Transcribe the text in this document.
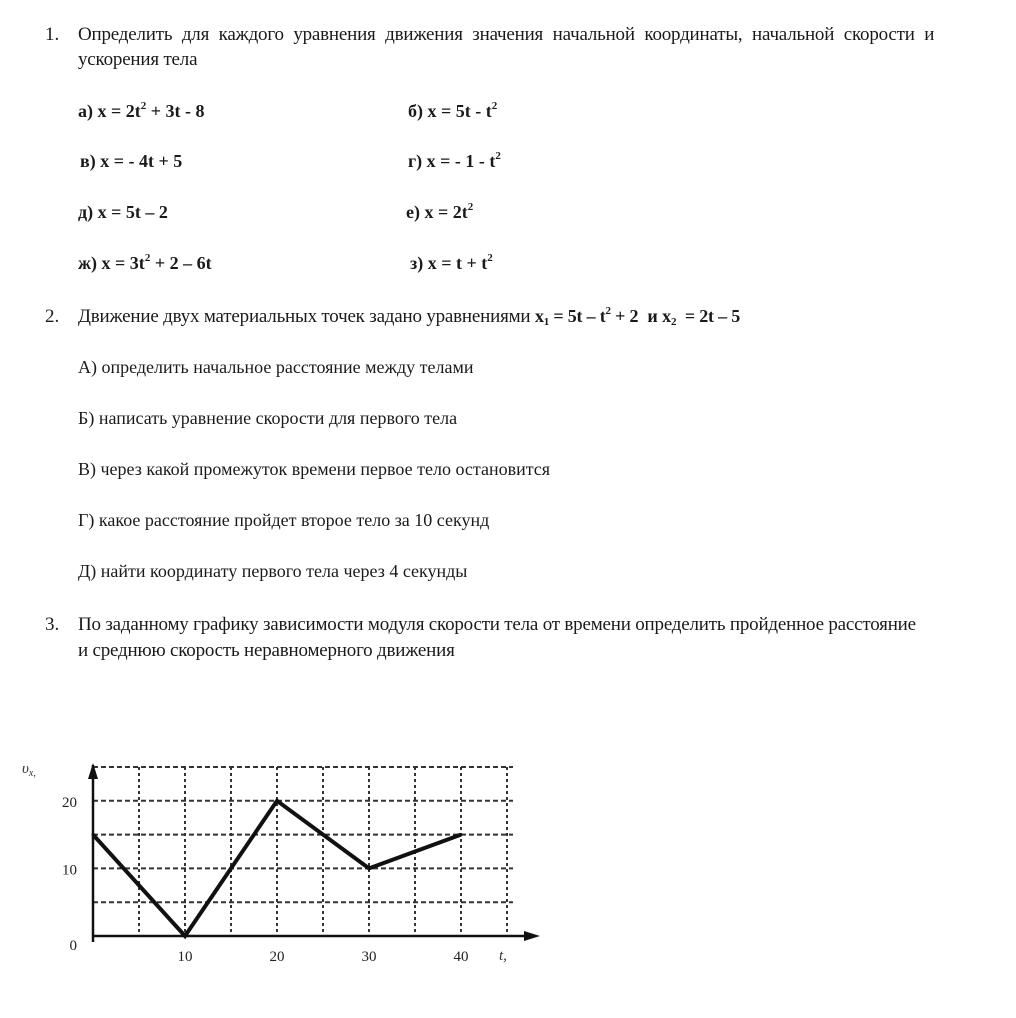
1. Определить для каждого уравнения движения значения начальной координаты, начальной скорости и
ускорения тела
а) $x = 2t^2 + 3t - 8$	б) $x = 5t - t^2$
в) x = - 4t + 5	г) x = - $1 - t^2$
д) x = 5t – 2	е) $x = 2t^2$
ж) $x = 3t^2 + 2 - 6t$	з) $x = t + t^2$
2. Движение двух материальных точек задано уравнениями $x_1 = 5t - t^2 + 2$ и $x_2 = 2t - 5$
А) определить начальное расстояние между телами
Б) написать уравнение скорости для первого тела
В) через какой промежуток времени первое тело остановится
Г) какое расстояние пройдет второе тело за 10 секунд
Д) найти координату первого тела через 4 секунды
3. По заданному графику зависимости модуля скорости тела от времени определить пройденное расстояние
и среднюю скорость неравномерного движения
10	20	30	40
0
10
20
$\upsilon_{x,}$
t,
